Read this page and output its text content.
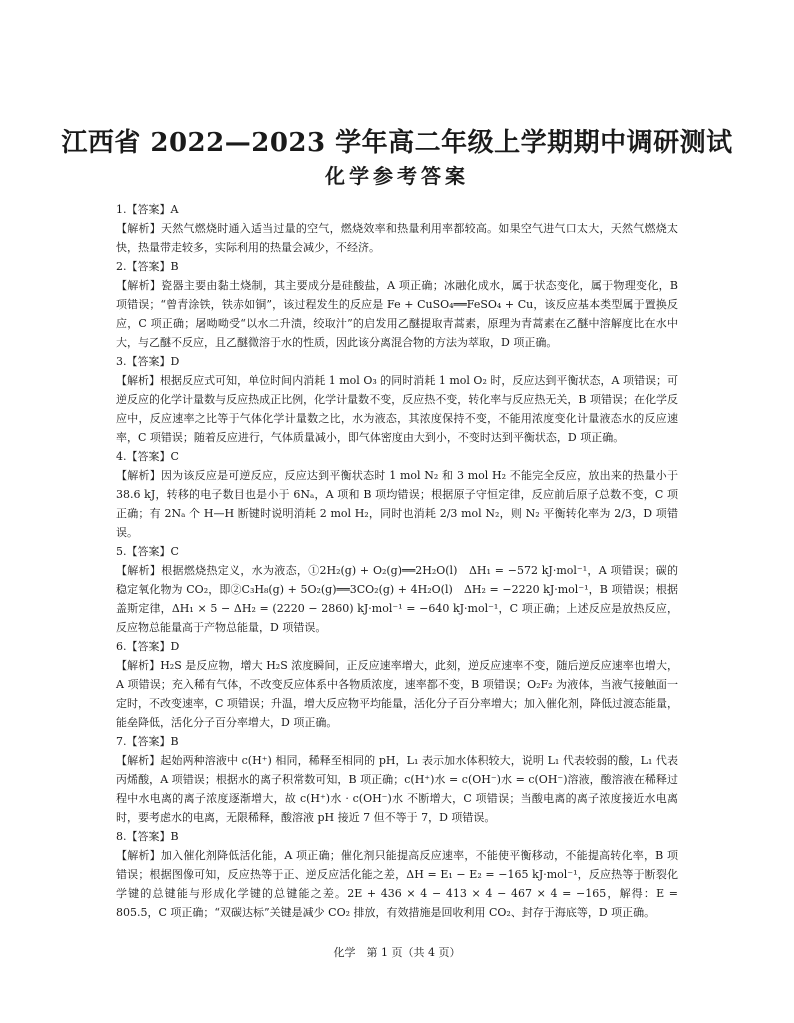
江西省 2022—2023 学年高二年级上学期期中调研测试
化学参考答案

1.【答案】A

【解析】天然气燃烧时通入适当过量的空气，燃烧效率和热量利用率都较高。如果空气进气口太大，天然气燃烧太快，热量带走较多，实际利用的热量会减少，不经济。

2.【答案】B

【解析】瓷器主要由黏土烧制，其主要成分是硅酸盐，A 项正确；冰融化成水，属于状态变化，属于物理变化，B 项错误；“曾青涂铁，铁赤如铜”，该过程发生的反应是 Fe + CuSO₄══FeSO₄ + Cu，该反应基本类型属于置换反应，C 项正确；屠呦呦受“以水二升渍，绞取汁”的启发用乙醚提取青蒿素，原理为青蒿素在乙醚中溶解度比在水中大，与乙醚不反应，且乙醚微溶于水的性质，因此该分离混合物的方法为萃取，D 项正确。

3.【答案】D

【解析】根据反应式可知，单位时间内消耗 1 mol O₃ 的同时消耗 1 mol O₂ 时，反应达到平衡状态，A 项错误；可逆反应的化学计量数与反应热成正比例，化学计量数不变，反应热不变，转化率与反应热无关，B 项错误；在化学反应中，反应速率之比等于气体化学计量数之比，水为液态，其浓度保持不变，不能用浓度变化计量液态水的反应速率，C 项错误；随着反应进行，气体质量减小，即气体密度由大到小，不变时达到平衡状态，D 项正确。

4.【答案】C

【解析】因为该反应是可逆反应，反应达到平衡状态时 1 mol N₂ 和 3 mol H₂ 不能完全反应，放出来的热量小于 38.6 kJ，转移的电子数目也是小于 6Nₐ，A 项和 B 项均错误；根据原子守恒定律，反应前后原子总数不变，C 项正确；有 2Nₐ 个 H—H 断键时说明消耗 2 mol H₂，同时也消耗 2/3 mol N₂，则 N₂ 平衡转化率为 2/3，D 项错误。

5.【答案】C

【解析】根据燃烧热定义，水为液态，①2H₂(g) + O₂(g)══2H₂O(l)　ΔH₁ = −572 kJ·mol⁻¹，A 项错误；碳的稳定氧化物为 CO₂，即②C₃H₈(g) + 5O₂(g)══3CO₂(g) + 4H₂O(l)　ΔH₂ = −2220 kJ·mol⁻¹，B 项错误；根据盖斯定律，ΔH₁ × 5 − ΔH₂ = (2220 − 2860) kJ·mol⁻¹ = −640 kJ·mol⁻¹，C 项正确；上述反应是放热反应，反应物总能量高于产物总能量，D 项错误。

6.【答案】D

【解析】H₂S 是反应物，增大 H₂S 浓度瞬间，正反应速率增大，此刻，逆反应速率不变，随后逆反应速率也增大，A 项错误；充入稀有气体，不改变反应体系中各物质浓度，速率都不变，B 项错误；O₂F₂ 为液体，当液气接触面一定时，不改变速率，C 项错误；升温，增大反应物平均能量，活化分子百分率增大；加入催化剂，降低过渡态能量，能垒降低，活化分子百分率增大，D 项正确。

7.【答案】B

【解析】起始两种溶液中 c(H⁺) 相同，稀释至相同的 pH，L₁ 表示加水体积较大，说明 L₁ 代表较弱的酸，L₁ 代表丙烯酸，A 项错误；根据水的离子积常数可知，B 项正确；c(H⁺)水 = c(OH⁻)水 = c(OH⁻)溶液，酸溶液在稀释过程中水电离的离子浓度逐渐增大，故 c(H⁺)水 · c(OH⁻)水 不断增大，C 项错误；当酸电离的离子浓度接近水电离时，要考虑水的电离，无限稀释，酸溶液 pH 接近 7 但不等于 7，D 项错误。

8.【答案】B

【解析】加入催化剂降低活化能，A 项正确；催化剂只能提高反应速率，不能使平衡移动，不能提高转化率，B 项错误；根据图像可知，反应热等于正、逆反应活化能之差，ΔH = E₁ − E₂ = −165 kJ·mol⁻¹，反应热等于断裂化学键的总键能与形成化学键的总键能之差。2E + 436 × 4 − 413 × 4 − 467 × 4 = −165，解得：E = 805.5，C 项正确；“双碳达标”关键是减少 CO₂ 排放，有效措施是回收利用 CO₂、封存于海底等，D 项正确。

化学　第 1 页（共 4 页）
